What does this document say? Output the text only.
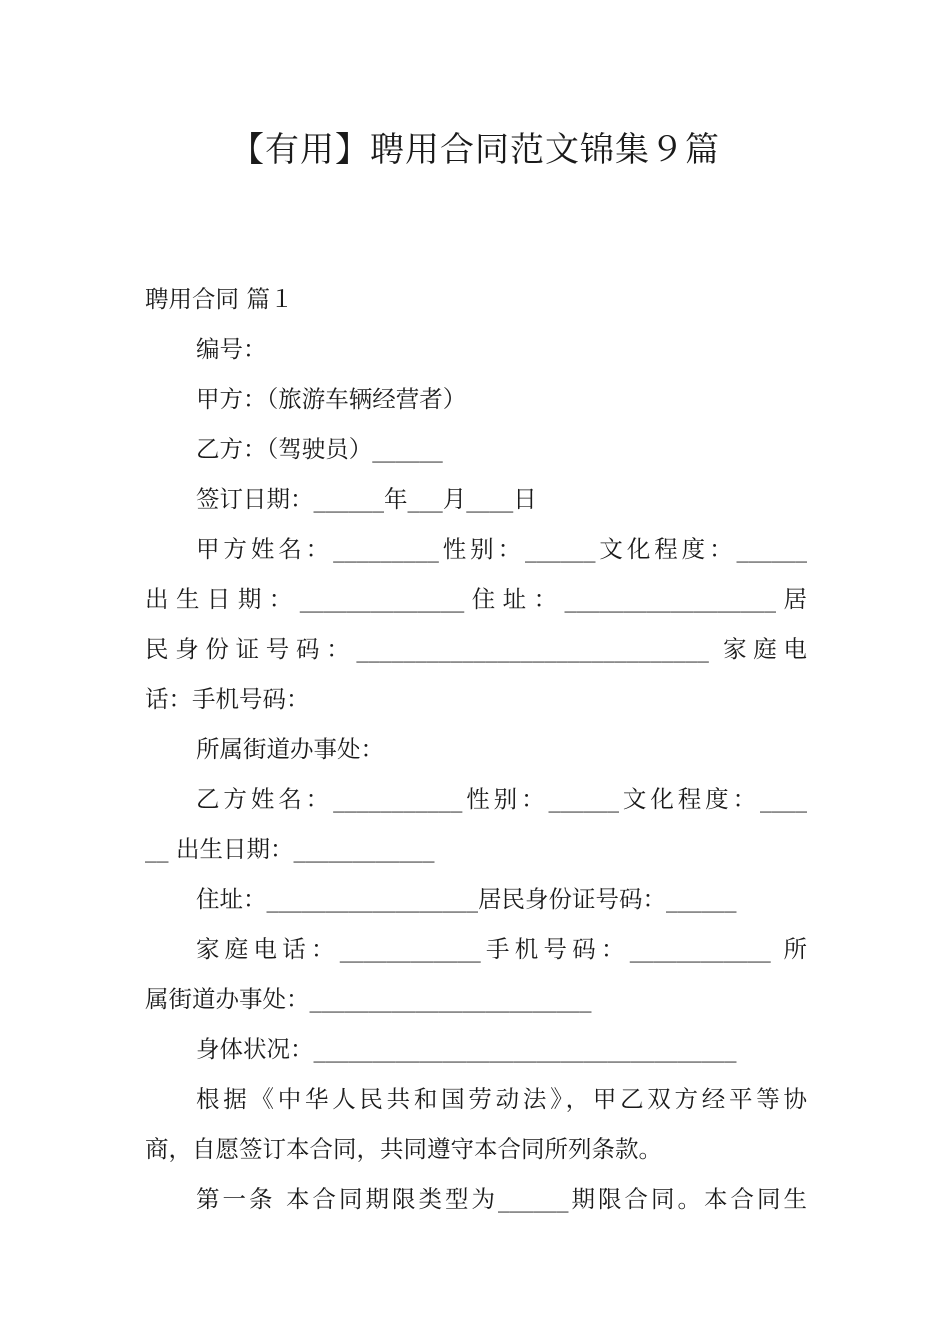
【有用】聘用合同范文锦集９篇
聘用合同 篇１
编号：
甲方：（旅游车辆经营者）
乙方：（驾驶员）______
签订日期：______年___月____日
甲方姓名：_________性别：______文化程度：______
出生日期：______________住址：__________________居
民身份证号码：______________________________ 家庭电
话：手机号码：
所属街道办事处：
乙方姓名：___________性别：______文化程度：____
__ 出生日期：____________
住址：__________________居民身份证号码：______
家庭电话：____________手机号码：____________ 所
属街道办事处：________________________
身体状况：____________________________________
根据《中华人民共和国劳动法》，甲乙双方经平等协
商，自愿签订本合同，共同遵守本合同所列条款。
第一条 本合同期限类型为______期限合同。本合同生
